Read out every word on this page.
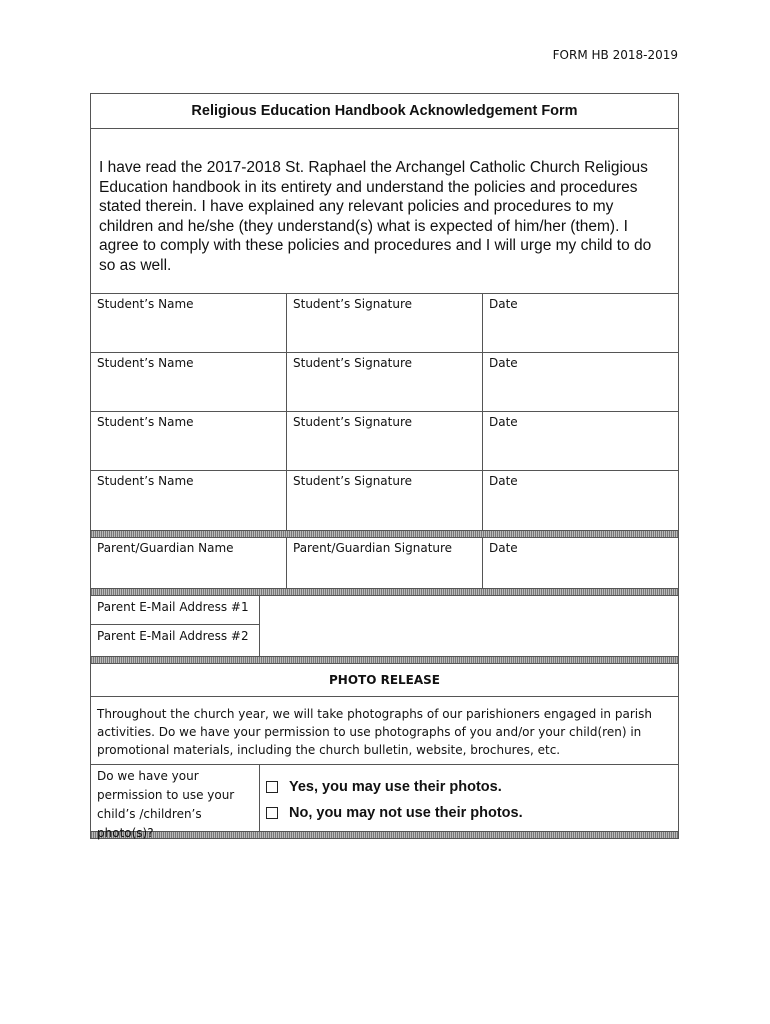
FORM HB 2018-2019
Religious Education Handbook Acknowledgement Form
I have read the 2017-2018 St. Raphael the Archangel Catholic Church Religious Education handbook in its entirety and understand the policies and procedures stated therein. I have explained any relevant policies and procedures to my children and he/she (they understand(s) what is expected of him/her (them). I agree to comply with these policies and procedures and I will urge my child to do so as well.
Student’s Name	Student’s Signature	Date
Student’s Name	Student’s Signature	Date
Student’s Name	Student’s Signature	Date
Student’s Name	Student’s Signature	Date
Parent/Guardian Name	Parent/Guardian Signature	Date
Parent E-Mail Address #1
Parent E-Mail Address #2
PHOTO RELEASE
Throughout the church year, we will take photographs of our parishioners engaged in parish activities. Do we have your permission to use photographs of you and/or your child(ren) in promotional materials, including the church bulletin, website, brochures, etc.
Do we have your permission to use your child’s /children’s photo(s)?
Yes, you may use their photos.
No, you may not use their photos.
